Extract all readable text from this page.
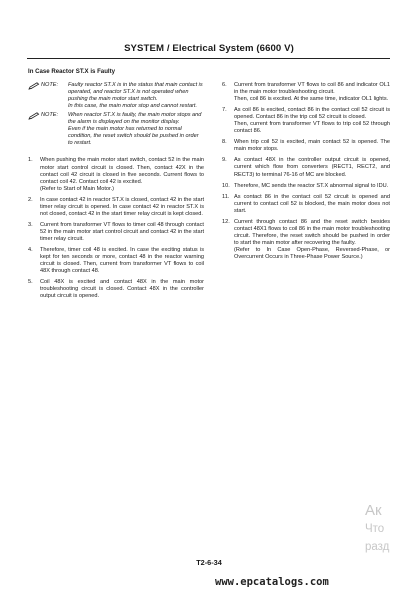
SYSTEM / Electrical System (6600 V)
In Case Reactor ST.X is Faulty
NOTE: Faulty reactor ST.X is in the status that main contact is operated, and reactor ST.X is not operated when pushing the main motor start switch.

In this case, the main motor stop and cannot restart.

NOTE: When reactor ST.X is faulty, the main motor stops and the alarm is displayed on the monitor display.

Even if the main motor has returned to normal condition, the reset switch should be pushed in order to restart.

1. When pushing the main motor start switch, contact 52 in the main motor start control circuit is closed. Then, contact 42X in the contact coil 42 circuit is closed in five seconds. Current flows to contact coil 42. Contact coil 42 is excited.

(Refer to Start of Main Motor.)

2. In case contact 42 in reactor ST.X is closed, contact 42 in the start timer relay circuit is opened. In case contact 42 in reactor ST.X is not closed, contact 42 in the start timer relay circuit is kept closed.

3. Current from transformer VT flows to timer coil 48 through contact 52 in the main motor start control circuit and contact 42 in the start timer relay circuit.

4. Therefore, timer coil 48 is excited. In case the exciting status is kept for ten seconds or more, contact 48 in the reactor warning circuit is closed. Then, current from transformer VT flows to coil 48X through contact 48.

5. Coil 48X is excited and contact 48X in the main motor troubleshooting circuit is closed. Contact 48X in the controller output circuit is opened.

6. Current from transformer VT flows to coil 86 and indicator OL1 in the main motor troubleshooting circuit.

Then, coil 86 is excited. At the same time, indicator OL1 lights.

7. As coil 86 is excited, contact 86 in the contact coil 52 circuit is opened. Contact 86 in the trip coil 52 circuit is closed.

Then, current from transformer VT flows to trip coil 52 through contact 86.

8. When trip coil 52 is excited, main contact 52 is opened. The main motor stops.

9. As contact 48X in the controller output circuit is opened, current which flow from converters (RECT1, RECT2, and RECT3) to terminal 76-16 of MC are blocked.

10. Therefore, MC sends the reactor ST.X abnormal signal to IDU.

11. As contact 86 in the contact coil 52 circuit is opened and current to contact coil 52 is blocked, the main motor does not start.

12. Current through contact 86 and the reset switch besides contact 48X1 flows to coil 86 in the main motor troubleshooting circuit. Therefore, the reset switch should be pushed in order to start the main motor after recovering the faulty.

(Refer to In Case Open-Phase, Reversed-Phase, or Overcurrent Occurs in Three-Phase Power Source.)

Ак
Что
разд
T2-6-34
www.epcatalogs.com
